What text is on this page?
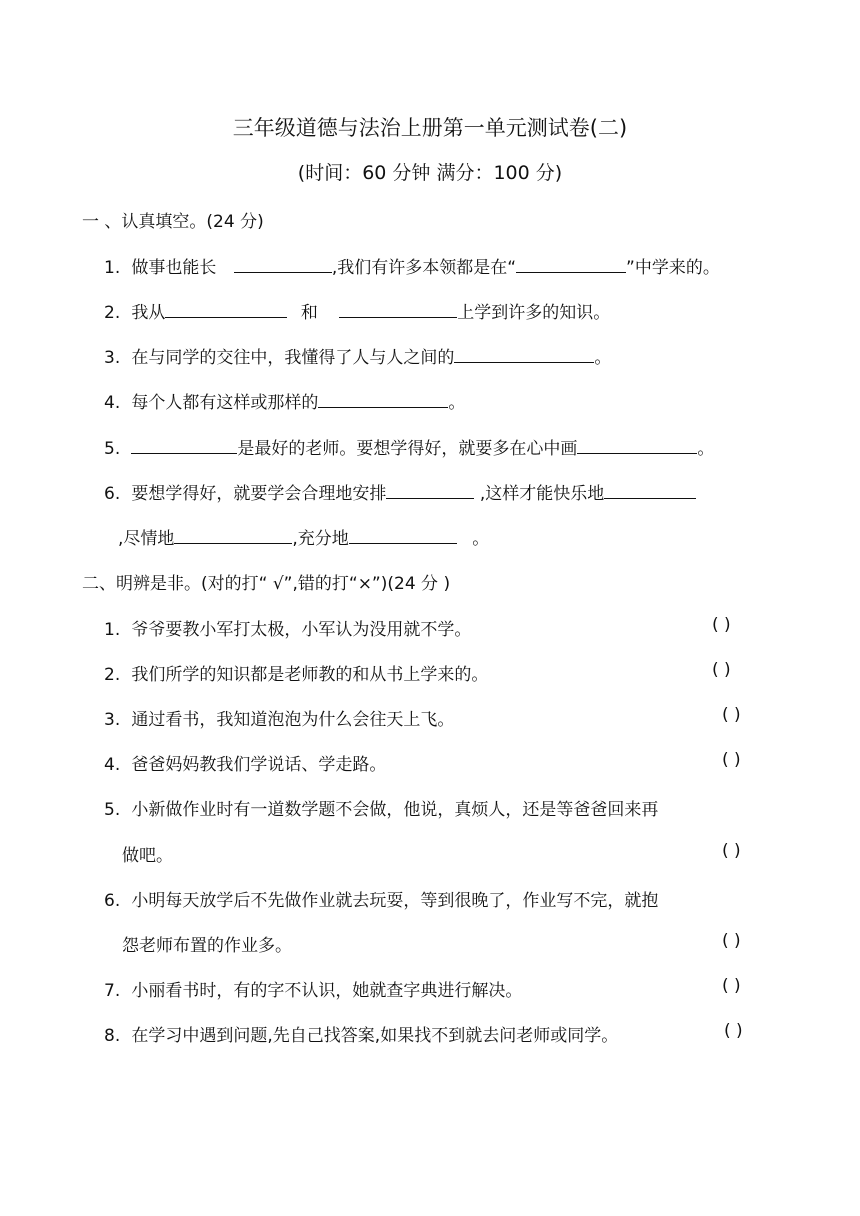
三年级道德与法治上册第一单元测试卷(二)
(时间：60 分钟 满分：100 分)
一 、认真填空。(24 分)
1. 做事也能长	,我们有许多本领都是在“	”中学来的。
2. 我从	和	上学到许多的知识。
3. 在与同学的交往中，我懂得了人与人之间的	。
4. 每个人都有这样或那样的	。
5.	是最好的老师。要想学得好，就要多在心中画	。
6. 要想学得好，就要学会合理地安排	,这样才能快乐地
,尽情地	,充分地	。
二、明辨是非。(对的打“ √”,错的打“×”)(24 分 )
1. 爷爷要教小军打太极，小军认为没用就不学。	( )
2. 我们所学的知识都是老师教的和从书上学来的。	( )
3. 通过看书，我知道泡泡为什么会往天上飞。	( )
4. 爸爸妈妈教我们学说话、学走路。	( )
5. 小新做作业时有一道数学题不会做，他说，真烦人，还是等爸爸回来再
做吧。	( )
6. 小明每天放学后不先做作业就去玩耍，等到很晚了，作业写不完，就抱
怨老师布置的作业多。	( )
7. 小丽看书时，有的字不认识，她就查字典进行解决。	( )
8. 在学习中遇到问题,先自己找答案,如果找不到就去问老师或同学。	( )
